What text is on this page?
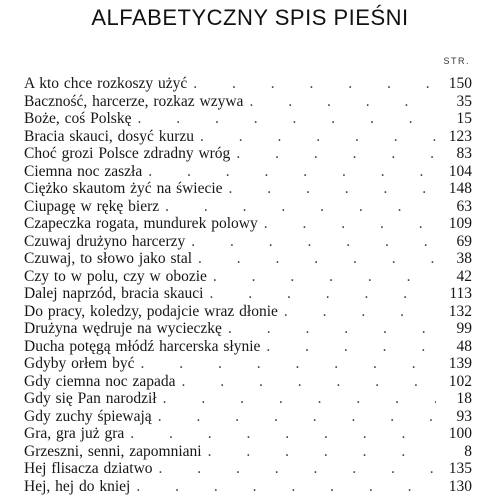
ALFABETYCZNY SPIS PIEŚNI
STR.
A kto chce rozkoszy użyć .	150
Baczność, harcerze, rozkaz wzywa .	35
Boże, coś Polskę .	15
Bracia skauci, dosyć kurzu .	123
Choć grozi Polsce zdradny wróg .	83
Ciemna noc zaszła .	104
Ciężko skautom żyć na świecie .	148
Ciupagę w rękę bierz .	63
Czapeczka rogata, mundurek polowy .	109
Czuwaj drużyno harcerzy .	69
Czuwaj, to słowo jako stal .	38
Czy to w polu, czy w obozie .	42
Dalej naprzód, bracia skauci .	113
Do pracy, koledzy, podajcie wraz dłonie .	132
Drużyna wędruje na wycieczkę .	99
Ducha potęgą młódź harcerska słynie .	48
Gdyby orłem być .	139
Gdy ciemna noc zapada .	102
Gdy się Pan narodził .	18
Gdy zuchy śpiewają .	93
Gra, gra już gra .	100
Grzeszni, senni, zapomniani .	8
Hej flisacza dziatwo .	135
Hej, hej do kniej .	130
